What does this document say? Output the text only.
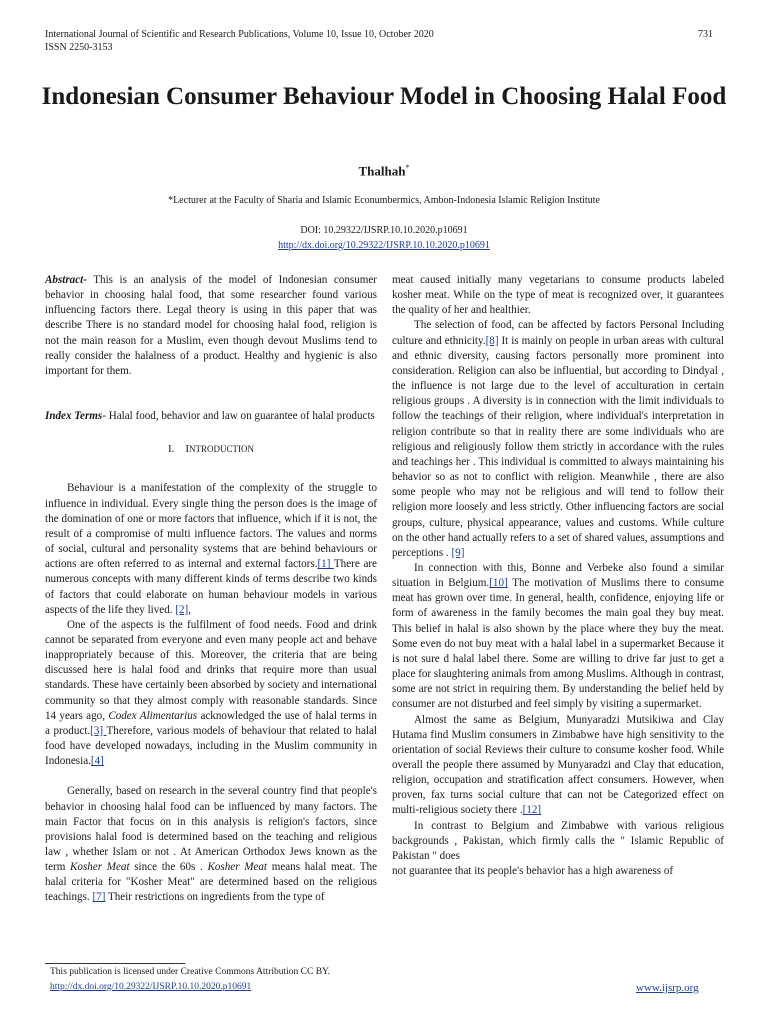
International Journal of Scientific and Research Publications, Volume 10, Issue 10, October 2020	731
ISSN 2250-3153
Indonesian Consumer Behaviour Model in Choosing Halal Food
Thalhah*
*Lecturer at the Faculty of Sharia and Islamic Econumbermics, Ambon-Indonesia Islamic Religion Institute
DOI: 10.29322/IJSRP.10.10.2020.p10691
http://dx.doi.org/10.29322/IJSRP.10.10.2020.p10691

Abstract- This is an analysis of the model of Indonesian consumer behavior in choosing halal food, that some researcher found various influencing factors there. Legal theory is using in this paper that was describe There is no standard model for choosing halal food, religion is not the main reason for a Muslim, even though devout Muslims tend to really consider the halalness of a product. Healthy and hygienic is also important for them.

Index Terms- Halal food, behavior and law on guarantee of halal products

I. INTRODUCTION

Behaviour is a manifestation of the complexity of the struggle to influence in individual. Every single thing the person does is the image of the domination of one or more factors that influence, which if it is not, the result of a compromise of multi influence factors. The values and norms of social, cultural and personality systems that are behind behaviours or actions are often referred to as internal and external factors.[1] There are numerous concepts with many different kinds of terms describe two kinds of factors that could elaborate on human behaviour models in various aspects of the life they lived. [2],

One of the aspects is the fulfilment of food needs. Food and drink cannot be separated from everyone and even many people act and behave inappropriately because of this. Moreover, the criteria that are being discussed here is halal food and drinks that require more than usual standards. These have certainly been absorbed by society and international community so that they almost comply with reasonable standards. Since 14 years ago, Codex Alimentarius acknowledged the use of halal terms in a product.[3] Therefore, various models of behaviour that related to halal food have developed nowadays, including in the Muslim community in Indonesia.[4]

Generally, based on research in the several country find that people's behavior in choosing halal food can be influenced by many factors. The main Factor that focus on in this analysis is religion's factors, since provisions halal food is determined based on the teaching and religious law , whether Islam or not . At American Orthodox Jews known as the term Kosher Meat since the 60s . Kosher Meat means halal meat. The halal criteria for "Kosher Meat" are determined based on the religious teachings. [7] Their restrictions on ingredients from the type of

meat caused initially many vegetarians to consume products labeled kosher meat. While on the type of meat is recognized over, it guarantees the quality of her and healthier.

The selection of food, can be affected by factors Personal Including culture and ethnicity.[8] It is mainly on people in urban areas with cultural and ethnic diversity, causing factors personally more prominent into consideration. Religion can also be influential, but according to Dindyal , the influence is not large due to the level of acculturation in certain religious groups . A diversity is in connection with the limit individuals to follow the teachings of their religion, where individual's interpretation in religion contribute so that in reality there are some individuals who are religious and religiously follow them strictly in accordance with the rules and teachings her . This individual is committed to always maintaining his behavior so as not to conflict with religion. Meanwhile , there are also some people who may not be religious and will tend to follow their religion more loosely and less strictly. Other influencing factors are social groups, culture, physical appearance, values and customs. While culture on the other hand actually refers to a set of shared values, assumptions and perceptions . [9]

In connection with this, Bonne and Verbeke also found a similar situation in Belgium.[10] The motivation of Muslims there to consume meat has grown over time. In general, health, confidence, enjoying life or form of awareness in the family becomes the main goal they buy meat. This belief in halal is also shown by the place where they buy the meat. Some even do not buy meat with a halal label in a supermarket Because it is not sure d halal label there. Some are willing to drive far just to get a place for slaughtering animals from among Muslims. Although in contrast, some are not strict in requiring them. By understanding the belief held by consumer are not disturbed and feel simply by visiting a supermarket.

Almost the same as Belgium, Munyaradzi Mutsikiwa and Clay Hutama find Muslim consumers in Zimbabwe have high sensitivity to the orientation of social Reviews their culture to consume kosher food. While overall the people there assumed by Munyaradzi and Clay that education, religion, occupation and stratification affect consumers. However, when proven, fax turns social culture that can not be Categorized effect on multi-religious society there .[12]

In contrast to Belgium and Zimbabwe with various religious backgrounds , Pakistan, which firmly calls the " Islamic Republic of Pakistan " does

not guarantee that its people's behavior has a high awareness of

This publication is licensed under Creative Commons Attribution CC BY.
http://dx.doi.org/10.29322/IJSRP.10.10.2020.p10691	www.ijsrp.org
